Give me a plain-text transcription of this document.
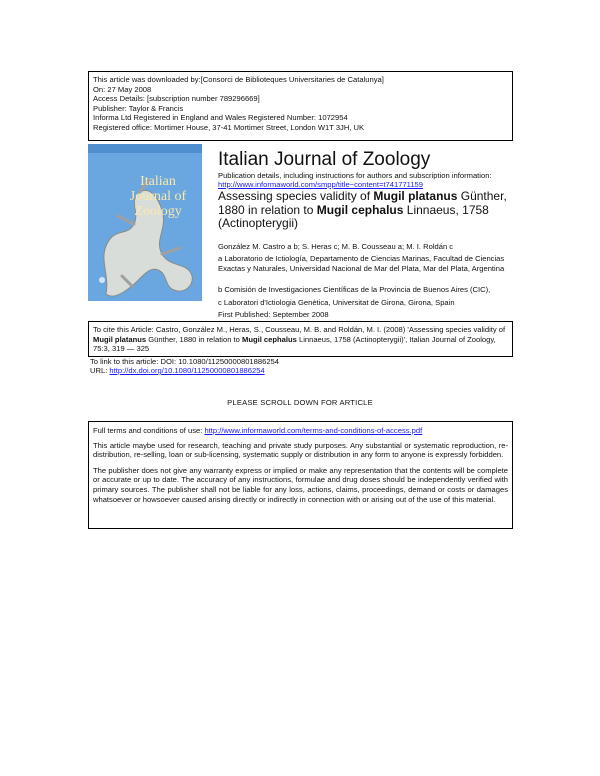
This article was downloaded by:[Consorci de Biblioteques Universitaries de Catalunya]
On: 27 May 2008
Access Details: [subscription number 789296669]
Publisher: Taylor & Francis
Informa Ltd Registered in England and Wales Registered Number: 1072954
Registered office: Mortimer House, 37-41 Mortimer Street, London W1T 3JH, UK
Italian Journal of Zoology
Italian Journal of Zoology
Publication details, including instructions for authors and subscription information:
http://www.informaworld.com/smpp/title~content=t741771159
Assessing species validity of Mugil platanus Günther, 1880 in relation to Mugil cephalus Linnaeus, 1758 (Actinopterygii)
González M. Castro a b; S. Heras c; M. B. Cousseau a; M. I. Roldán c
a Laboratorio de Ictiología, Departamento de Ciencias Marinas, Facultad de Ciencias Exactas y Naturales, Universidad Nacional de Mar del Plata, Mar del Plata, Argentina
b Comisión de Investigaciones Científicas de la Provincia de Buenos Aires (CIC),
c Laboratori d'Ictiologia Genètica, Universitat de Girona, Girona, Spain
First Published: September 2008
To cite this Article: Castro, González M., Heras, S., Cousseau, M. B. and Roldán, M. I. (2008) 'Assessing species validity of Mugil platanus Günther, 1880 in relation to Mugil cephalus Linnaeus, 1758 (Actinopterygii)', Italian Journal of Zoology, 75:3, 319 — 325
To link to this article: DOI: 10.1080/11250000801886254
URL: http://dx.doi.org/10.1080/11250000801886254
PLEASE SCROLL DOWN FOR ARTICLE

Full terms and conditions of use: http://www.informaworld.com/terms-and-conditions-of-access.pdf

This article maybe used for research, teaching and private study purposes. Any substantial or systematic reproduction, re-distribution, re-selling, loan or sub-licensing, systematic supply or distribution in any form to anyone is expressly forbidden.

The publisher does not give any warranty express or implied or make any representation that the contents will be complete or accurate or up to date. The accuracy of any instructions, formulae and drug doses should be independently verified with primary sources. The publisher shall not be liable for any loss, actions, claims, proceedings, demand or costs or damages whatsoever or howsoever caused arising directly or indirectly in connection with or arising out of the use of this material.
